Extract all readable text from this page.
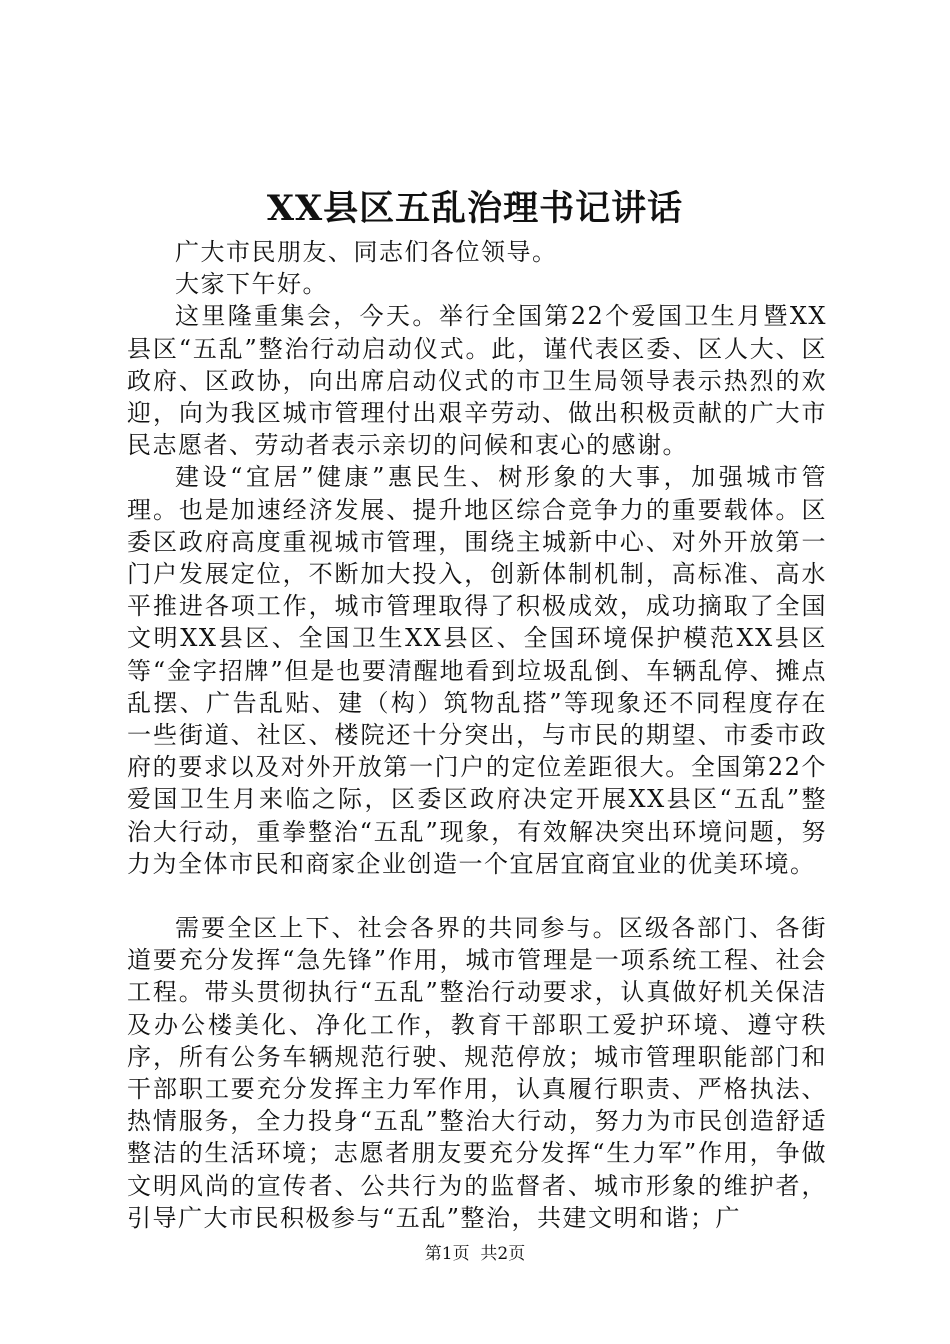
XX县区五乱治理书记讲话

广大市民朋友、同志们各位领导。

大家下午好。

这里隆重集会，今天。举行全国第22个爱国卫生月暨XX县区“五乱”整治行动启动仪式。此，谨代表区委、区人大、区政府、区政协，向出席启动仪式的市卫生局领导表示热烈的欢迎，向为我区城市管理付出艰辛劳动、做出积极贡献的广大市民志愿者、劳动者表示亲切的问候和衷心的感谢。

建设“宜居”健康”惠民生、树形象的大事，加强城市管理。也是加速经济发展、提升地区综合竞争力的重要载体。区委区政府高度重视城市管理，围绕主城新中心、对外开放第一门户发展定位，不断加大投入，创新体制机制，高标准、高水平推进各项工作，城市管理取得了积极成效，成功摘取了全国文明XX县区、全国卫生XX县区、全国环境保护模范XX县区等“金字招牌”但是也要清醒地看到垃圾乱倒、车辆乱停、摊点乱摆、广告乱贴、建（构）筑物乱搭”等现象还不同程度存在一些街道、社区、楼院还十分突出，与市民的期望、市委市政府的要求以及对外开放第一门户的定位差距很大。全国第22个爱国卫生月来临之际，区委区政府决定开展XX县区“五乱”整治大行动，重拳整治“五乱”现象，有效解决突出环境问题，努力为全体市民和商家企业创造一个宜居宜商宜业的优美环境。

需要全区上下、社会各界的共同参与。区级各部门、各街道要充分发挥“急先锋”作用，城市管理是一项系统工程、社会工程。带头贯彻执行“五乱”整治行动要求，认真做好机关保洁及办公楼美化、净化工作，教育干部职工爱护环境、遵守秩序，所有公务车辆规范行驶、规范停放；城市管理职能部门和干部职工要充分发挥主力军作用，认真履行职责、严格执法、热情服务，全力投身“五乱”整治大行动，努力为市民创造舒适整洁的生活环境；志愿者朋友要充分发挥“生力军”作用，争做文明风尚的宣传者、公共行为的监督者、城市形象的维护者，引导广大市民积极参与“五乱”整治，共建文明和谐；广

第1页 共2页
